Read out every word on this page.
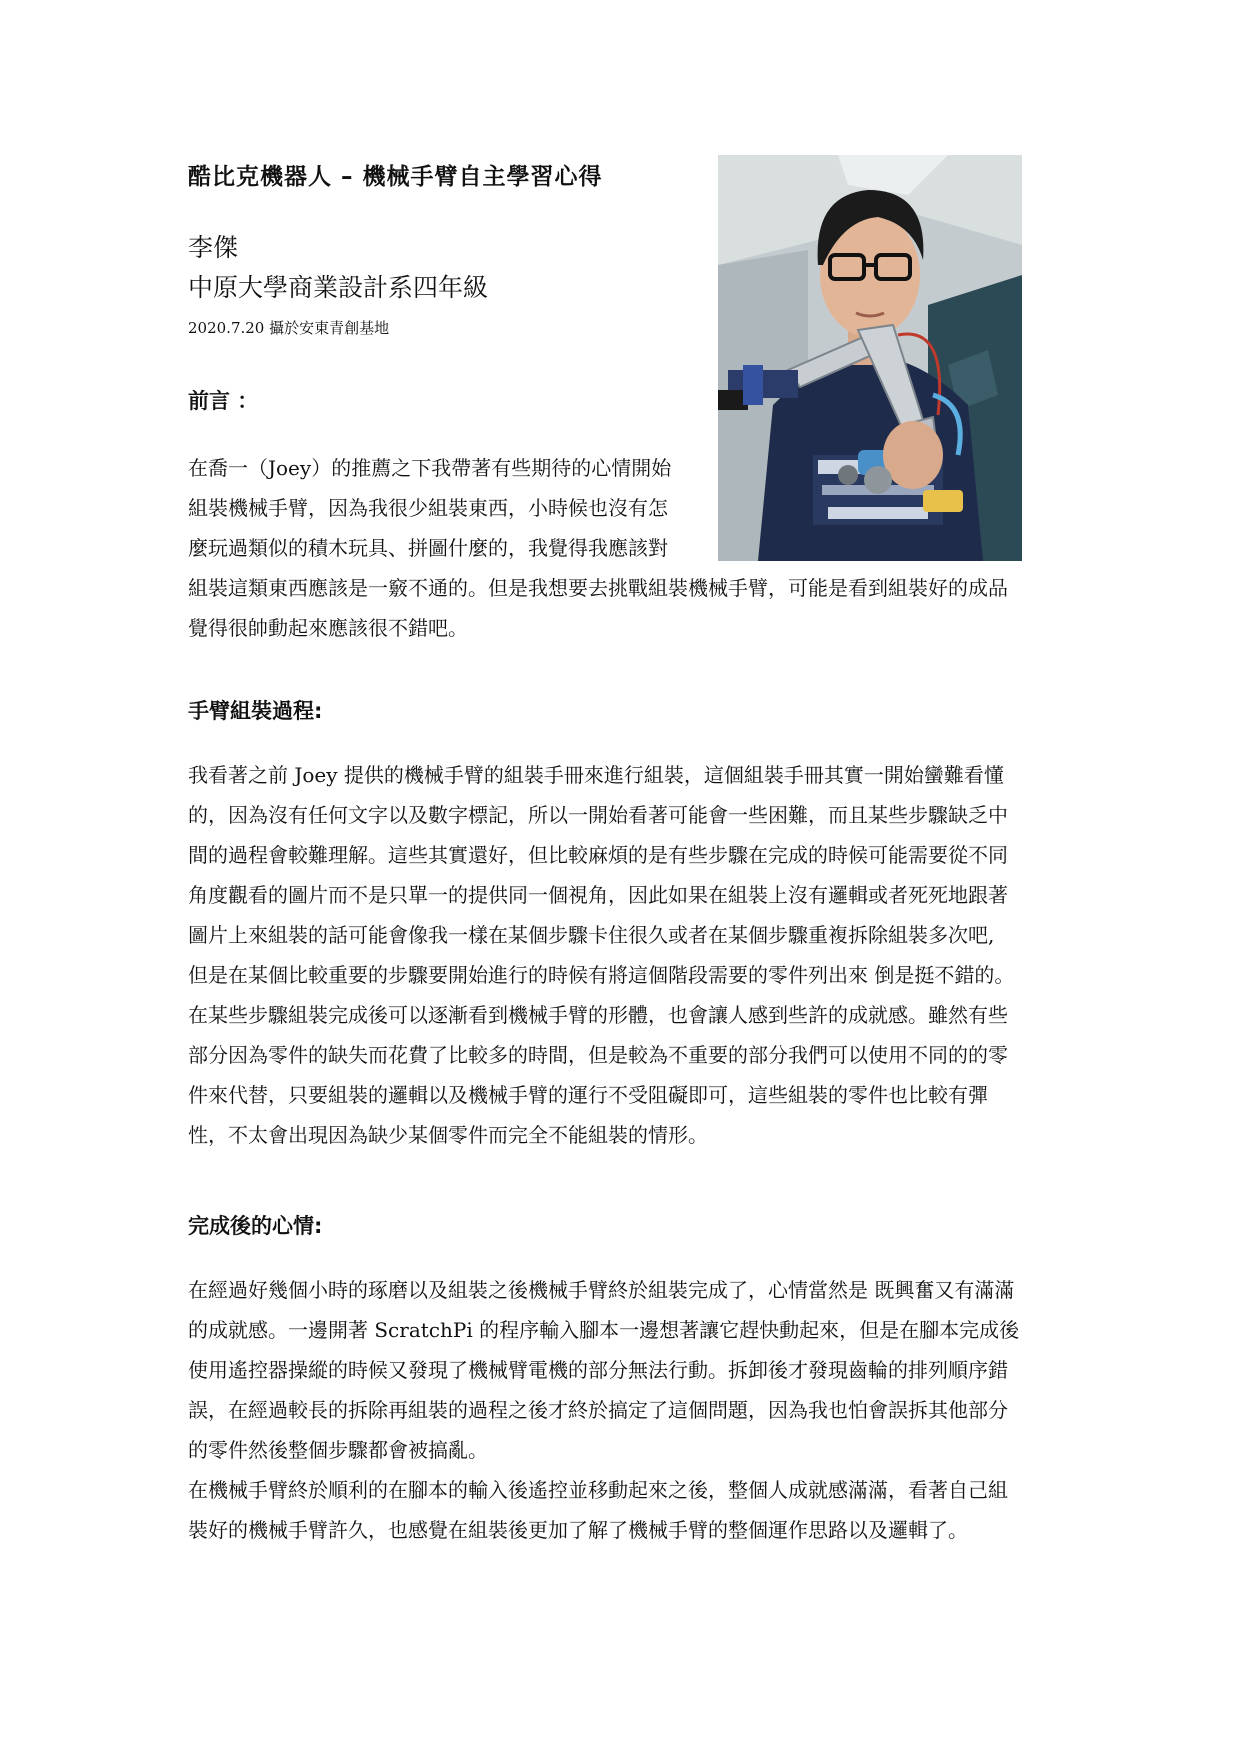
酷比克機器人 – 機械手臂自主學習心得
李傑
中原大學商業設計系四年級
2020.7.20 攝於安東青創基地
前言 ：
在喬一（Joey）的推薦之下我帶著有些期待的心情開始
組裝機械手臂，因為我很少組裝東西，小時候也沒有怎
麼玩過類似的積木玩具、拼圖什麼的，我覺得我應該對
組裝這類東西應該是一竅不通的。但是我想要去挑戰組裝機械手臂，可能是看到組裝好的成品
覺得很帥動起來應該很不錯吧。
手臂組裝過程:
我看著之前 Joey 提供的機械手臂的組裝手冊來進行組裝，這個組裝手冊其實一開始蠻難看懂
的，因為沒有任何文字以及數字標記，所以一開始看著可能會一些困難，而且某些步驟缺乏中
間的過程會較難理解。這些其實還好，但比較麻煩的是有些步驟在完成的時候可能需要從不同
角度觀看的圖片而不是只單一的提供同一個視角，因此如果在組裝上沒有邏輯或者死死地跟著
圖片上來組裝的話可能會像我一樣在某個步驟卡住很久或者在某個步驟重複拆除組裝多次吧,
但是在某個比較重要的步驟要開始進行的時候有將這個階段需要的零件列出來 倒是挺不錯的。
在某些步驟組裝完成後可以逐漸看到機械手臂的形體，也會讓人感到些許的成就感。雖然有些
部分因為零件的缺失而花費了比較多的時間，但是較為不重要的部分我們可以使用不同的的零
件來代替，只要組裝的邏輯以及機械手臂的運行不受阻礙即可，這些組裝的零件也比較有彈
性，不太會出現因為缺少某個零件而完全不能組裝的情形。
完成後的心情:
在經過好幾個小時的琢磨以及組裝之後機械手臂終於組裝完成了，心情當然是 既興奮又有滿滿
的成就感。一邊開著 ScratchPi 的程序輸入腳本一邊想著讓它趕快動起來，但是在腳本完成後
使用遙控器操縱的時候又發現了機械臂電機的部分無法行動。拆卸後才發現齒輪的排列順序錯
誤，在經過較長的拆除再組裝的過程之後才終於搞定了這個問題，因為我也怕會誤拆其他部分
的零件然後整個步驟都會被搞亂。
在機械手臂終於順利的在腳本的輸入後遙控並移動起來之後，整個人成就感滿滿，看著自己組
裝好的機械手臂許久，也感覺在組裝後更加了解了機械手臂的整個運作思路以及邏輯了。
